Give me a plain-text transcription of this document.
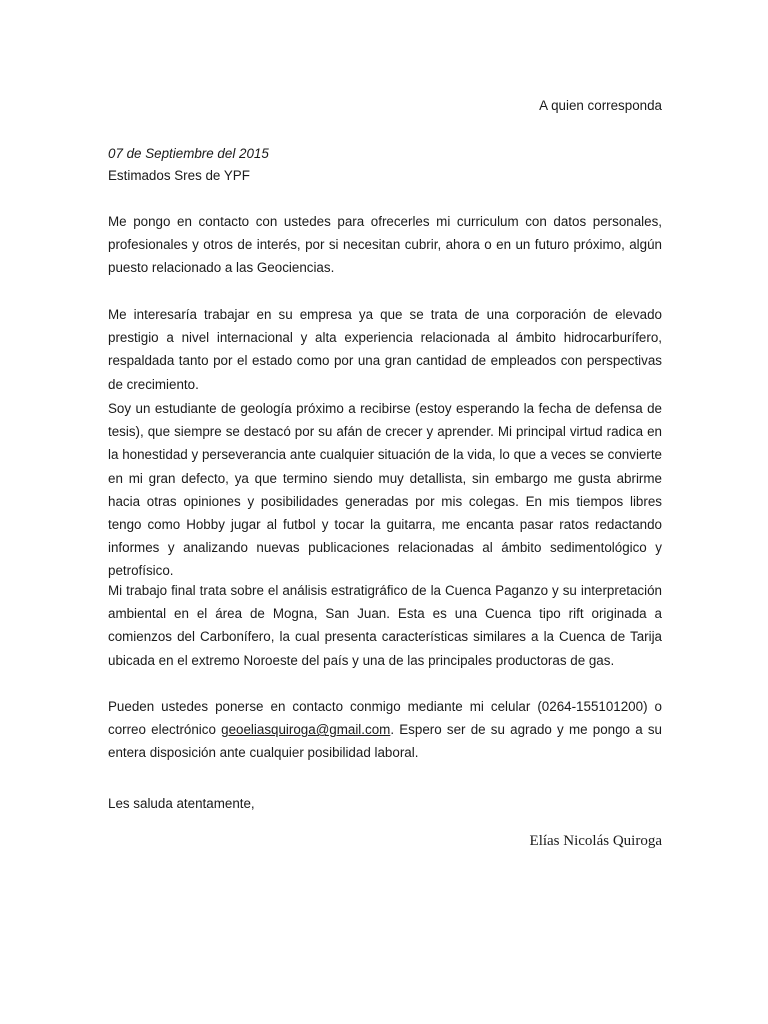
A quien corresponda
07 de Septiembre del 2015
Estimados Sres de YPF

Me pongo en contacto con ustedes para ofrecerles mi curriculum con datos personales, profesionales y otros de interés, por si necesitan cubrir, ahora o en un futuro próximo, algún puesto relacionado a las Geociencias.

Me interesaría trabajar en su empresa ya que se trata de una corporación de elevado prestigio a nivel internacional y alta experiencia relacionada al ámbito hidrocarburífero, respaldada tanto por el estado como por una gran cantidad de empleados con perspectivas de crecimiento.

Soy un estudiante de geología próximo a recibirse (estoy esperando la fecha de defensa de tesis), que siempre se destacó por su afán de crecer y aprender. Mi principal virtud radica en la honestidad y perseverancia ante cualquier situación de la vida, lo que a veces se convierte en mi gran defecto, ya que termino siendo muy detallista, sin embargo me gusta abrirme hacia otras opiniones y posibilidades generadas por mis colegas. En mis tiempos libres tengo como Hobby jugar al futbol y tocar la guitarra, me encanta pasar ratos redactando informes y analizando nuevas publicaciones relacionadas al ámbito sedimentológico y petrofísico.

Mi trabajo final trata sobre el análisis estratigráfico de la Cuenca Paganzo y su interpretación ambiental en el área de Mogna, San Juan. Esta es una Cuenca tipo rift originada a comienzos del Carbonífero, la cual presenta características similares a la Cuenca de Tarija ubicada en el extremo Noroeste del país y una de las principales productoras de gas.

Pueden ustedes ponerse en contacto conmigo mediante mi celular (0264-155101200) o correo electrónico geoeliasquiroga@gmail.com. Espero ser de su agrado y me pongo a su entera disposición ante cualquier posibilidad laboral.

Les saluda atentamente,
Elías Nicolás Quiroga
